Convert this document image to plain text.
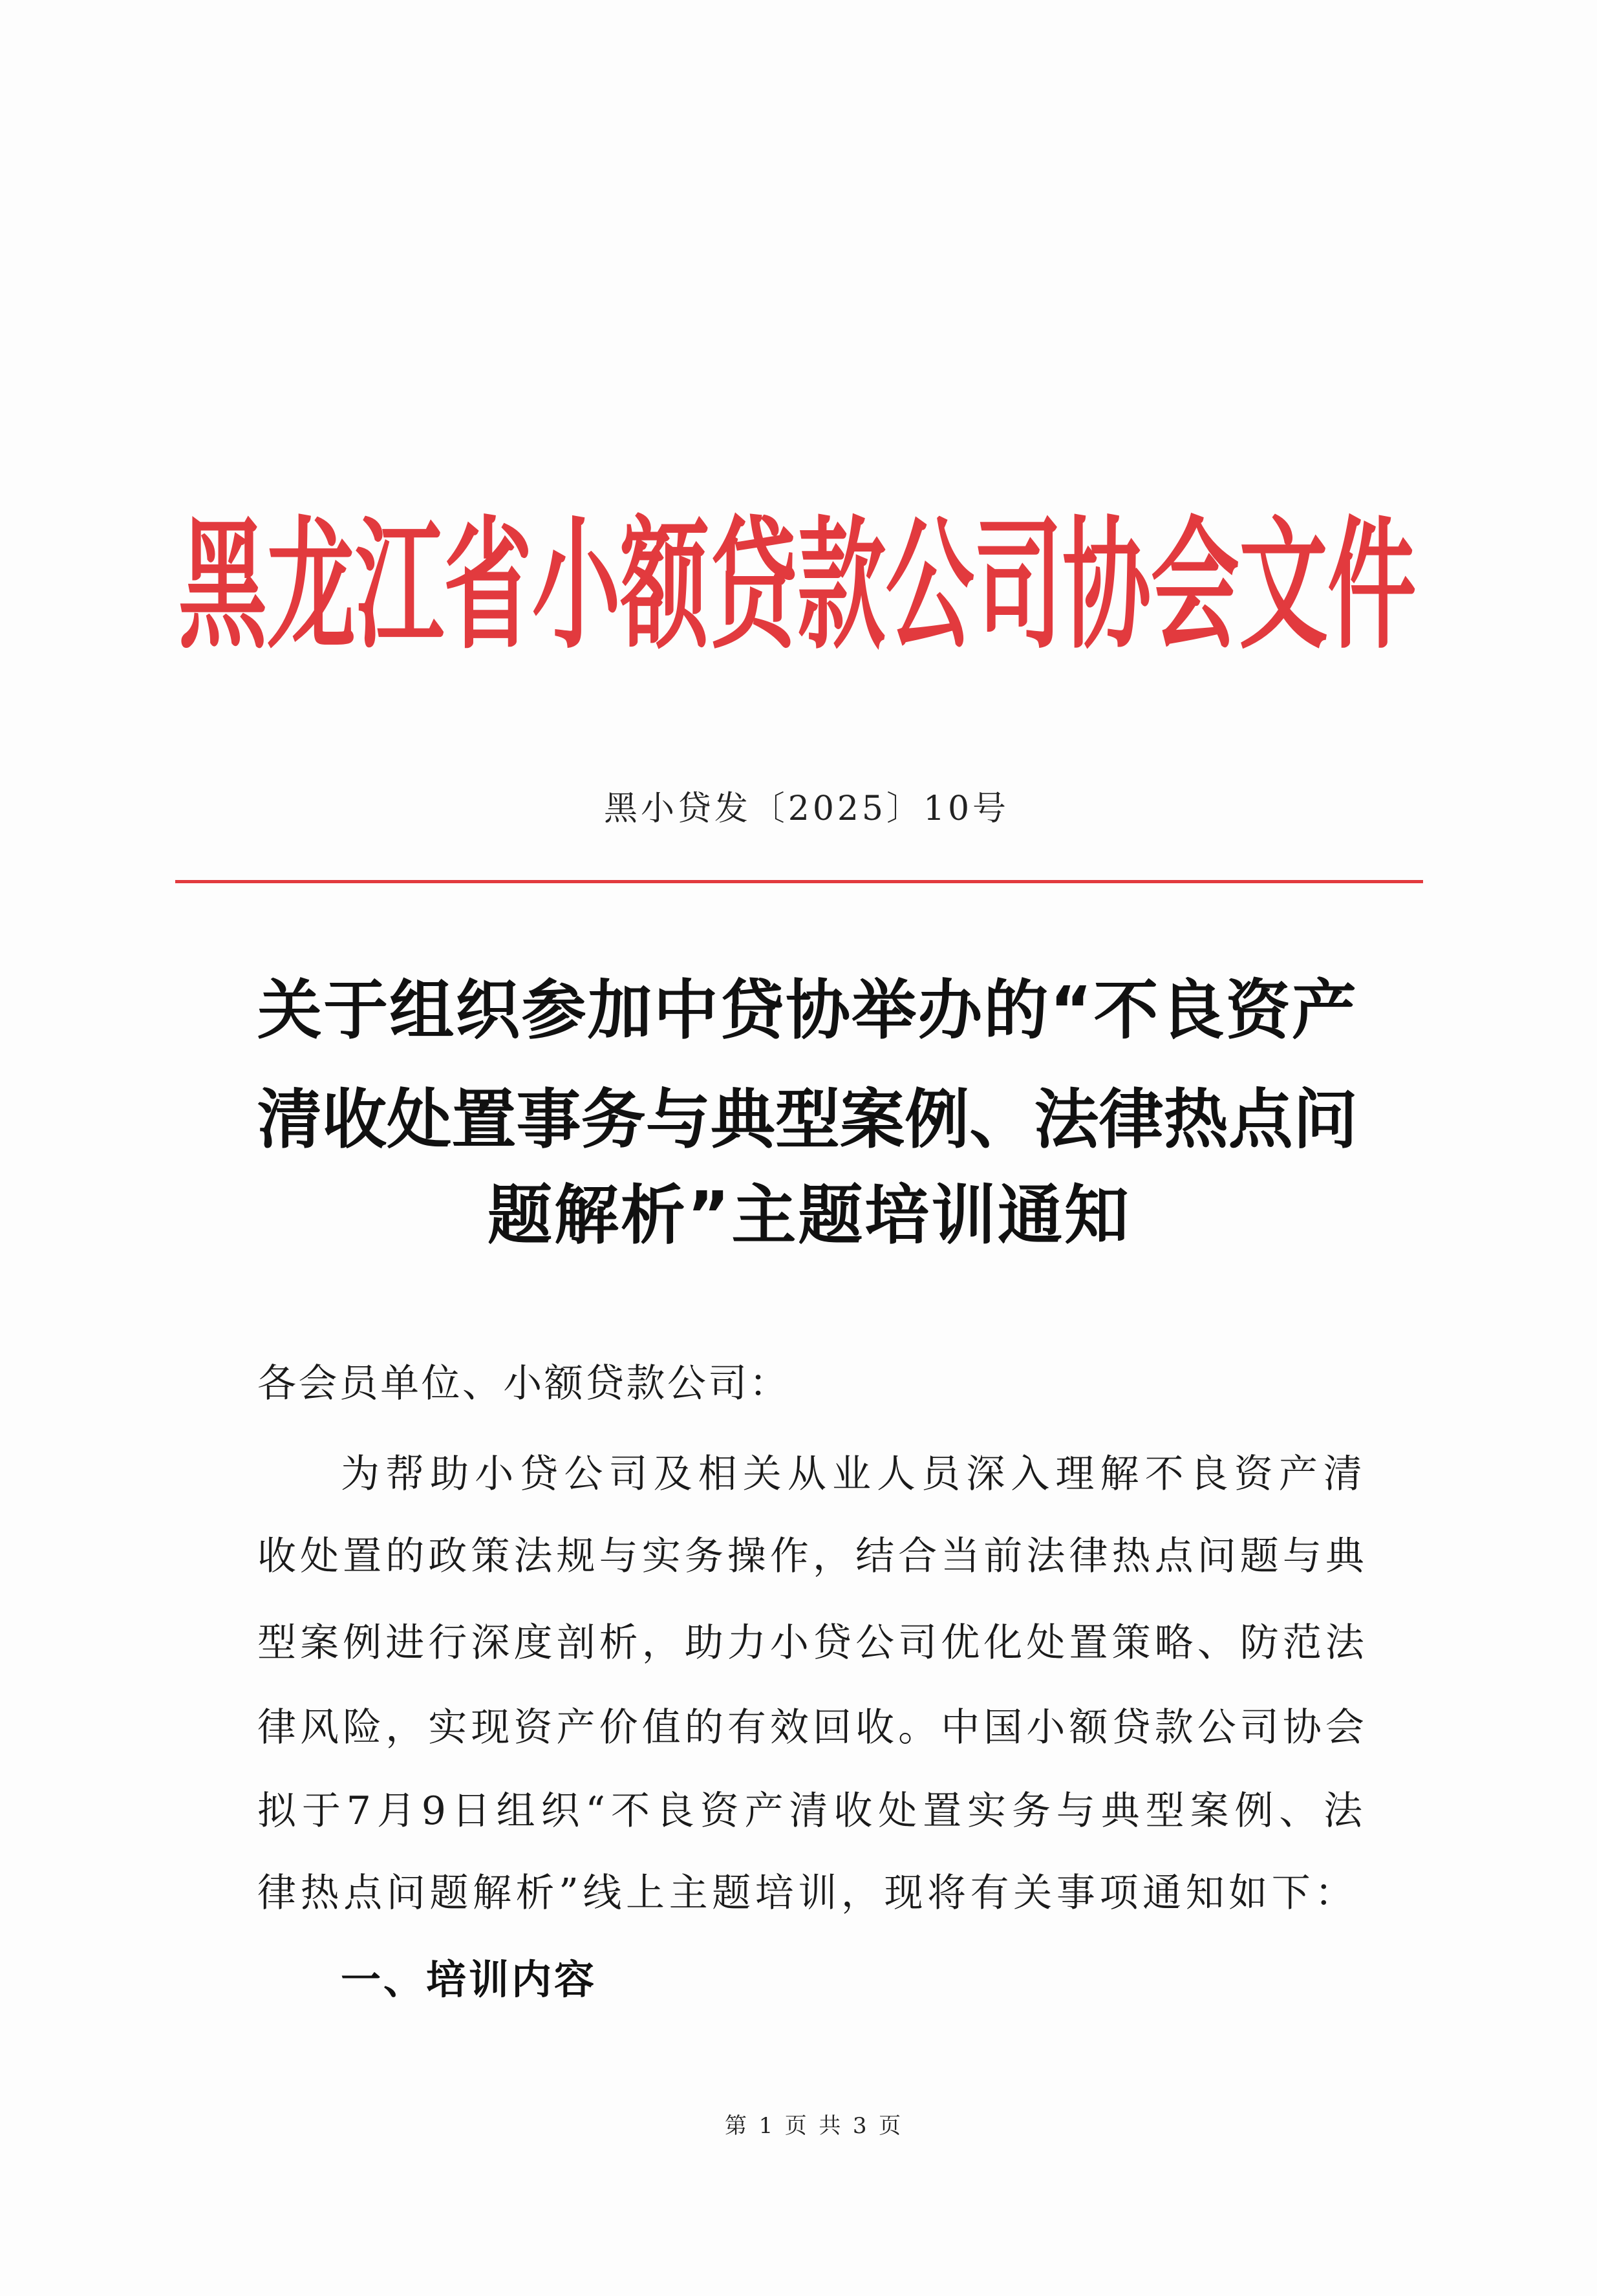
黑龙江省小额贷款公司协会文件
黑小贷发〔2025〕10号
关于组织参加中贷协举办的“不良资产
清收处置事务与典型案例、法律热点问
题解析”主题培训通知
各会员单位、小额贷款公司：
为帮助小贷公司及相关从业人员深入理解不良资产清
收处置的政策法规与实务操作，结合当前法律热点问题与典
型案例进行深度剖析，助力小贷公司优化处置策略、防范法
律风险，实现资产价值的有效回收。中国小额贷款公司协会
拟于7月9日组织“不良资产清收处置实务与典型案例、法
律热点问题解析”线上主题培训，现将有关事项通知如下：
一、培训内容
第 1 页 共 3 页
